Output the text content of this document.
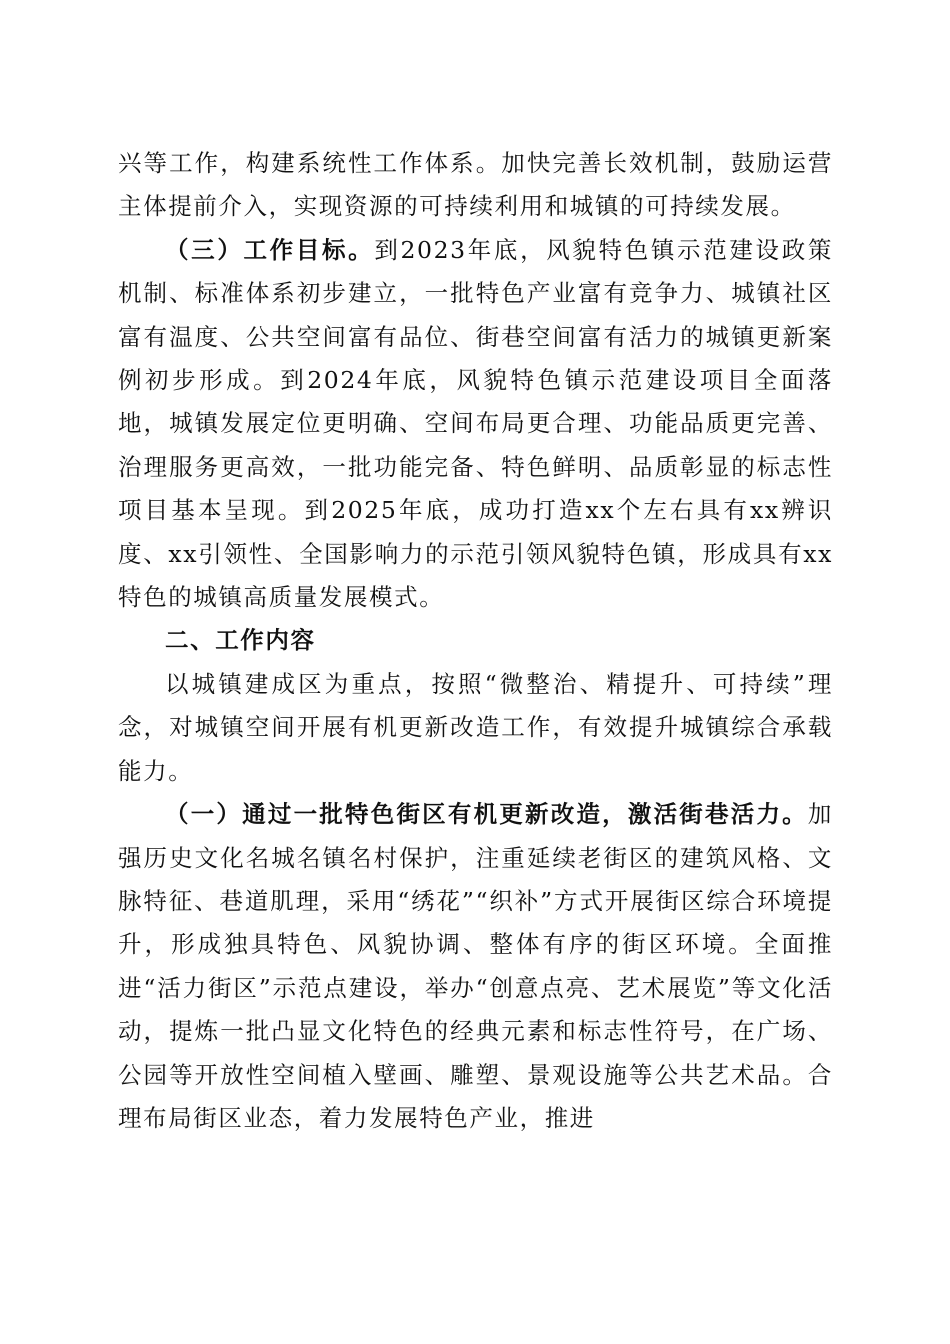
兴等工作，构建系统性工作体系。加快完善长效机制，鼓励运营主体提前介入，实现资源的可持续利用和城镇的可持续发展。

（三）工作目标。到2023年底，风貌特色镇示范建设政策机制、标准体系初步建立，一批特色产业富有竞争力、城镇社区富有温度、公共空间富有品位、街巷空间富有活力的城镇更新案例初步形成。到2024年底，风貌特色镇示范建设项目全面落地，城镇发展定位更明确、空间布局更合理、功能品质更完善、治理服务更高效，一批功能完备、特色鲜明、品质彰显的标志性项目基本呈现。到2025年底，成功打造xx个左右具有xx辨识度、xx引领性、全国影响力的示范引领风貌特色镇，形成具有xx特色的城镇高质量发展模式。

二、工作内容

以城镇建成区为重点，按照“微整治、精提升、可持续”理念，对城镇空间开展有机更新改造工作，有效提升城镇综合承载能力。

（一）通过一批特色街区有机更新改造，激活街巷活力。加强历史文化名城名镇名村保护，注重延续老街区的建筑风格、文脉特征、巷道肌理，采用“绣花”“织补”方式开展街区综合环境提升，形成独具特色、风貌协调、整体有序的街区环境。全面推进“活力街区”示范点建设，举办“创意点亮、艺术展览”等文化活动，提炼一批凸显文化特色的经典元素和标志性符号，在广场、公园等开放性空间植入壁画、雕塑、景观设施等公共艺术品。合理布局街区业态，着力发展特色产业，推进
